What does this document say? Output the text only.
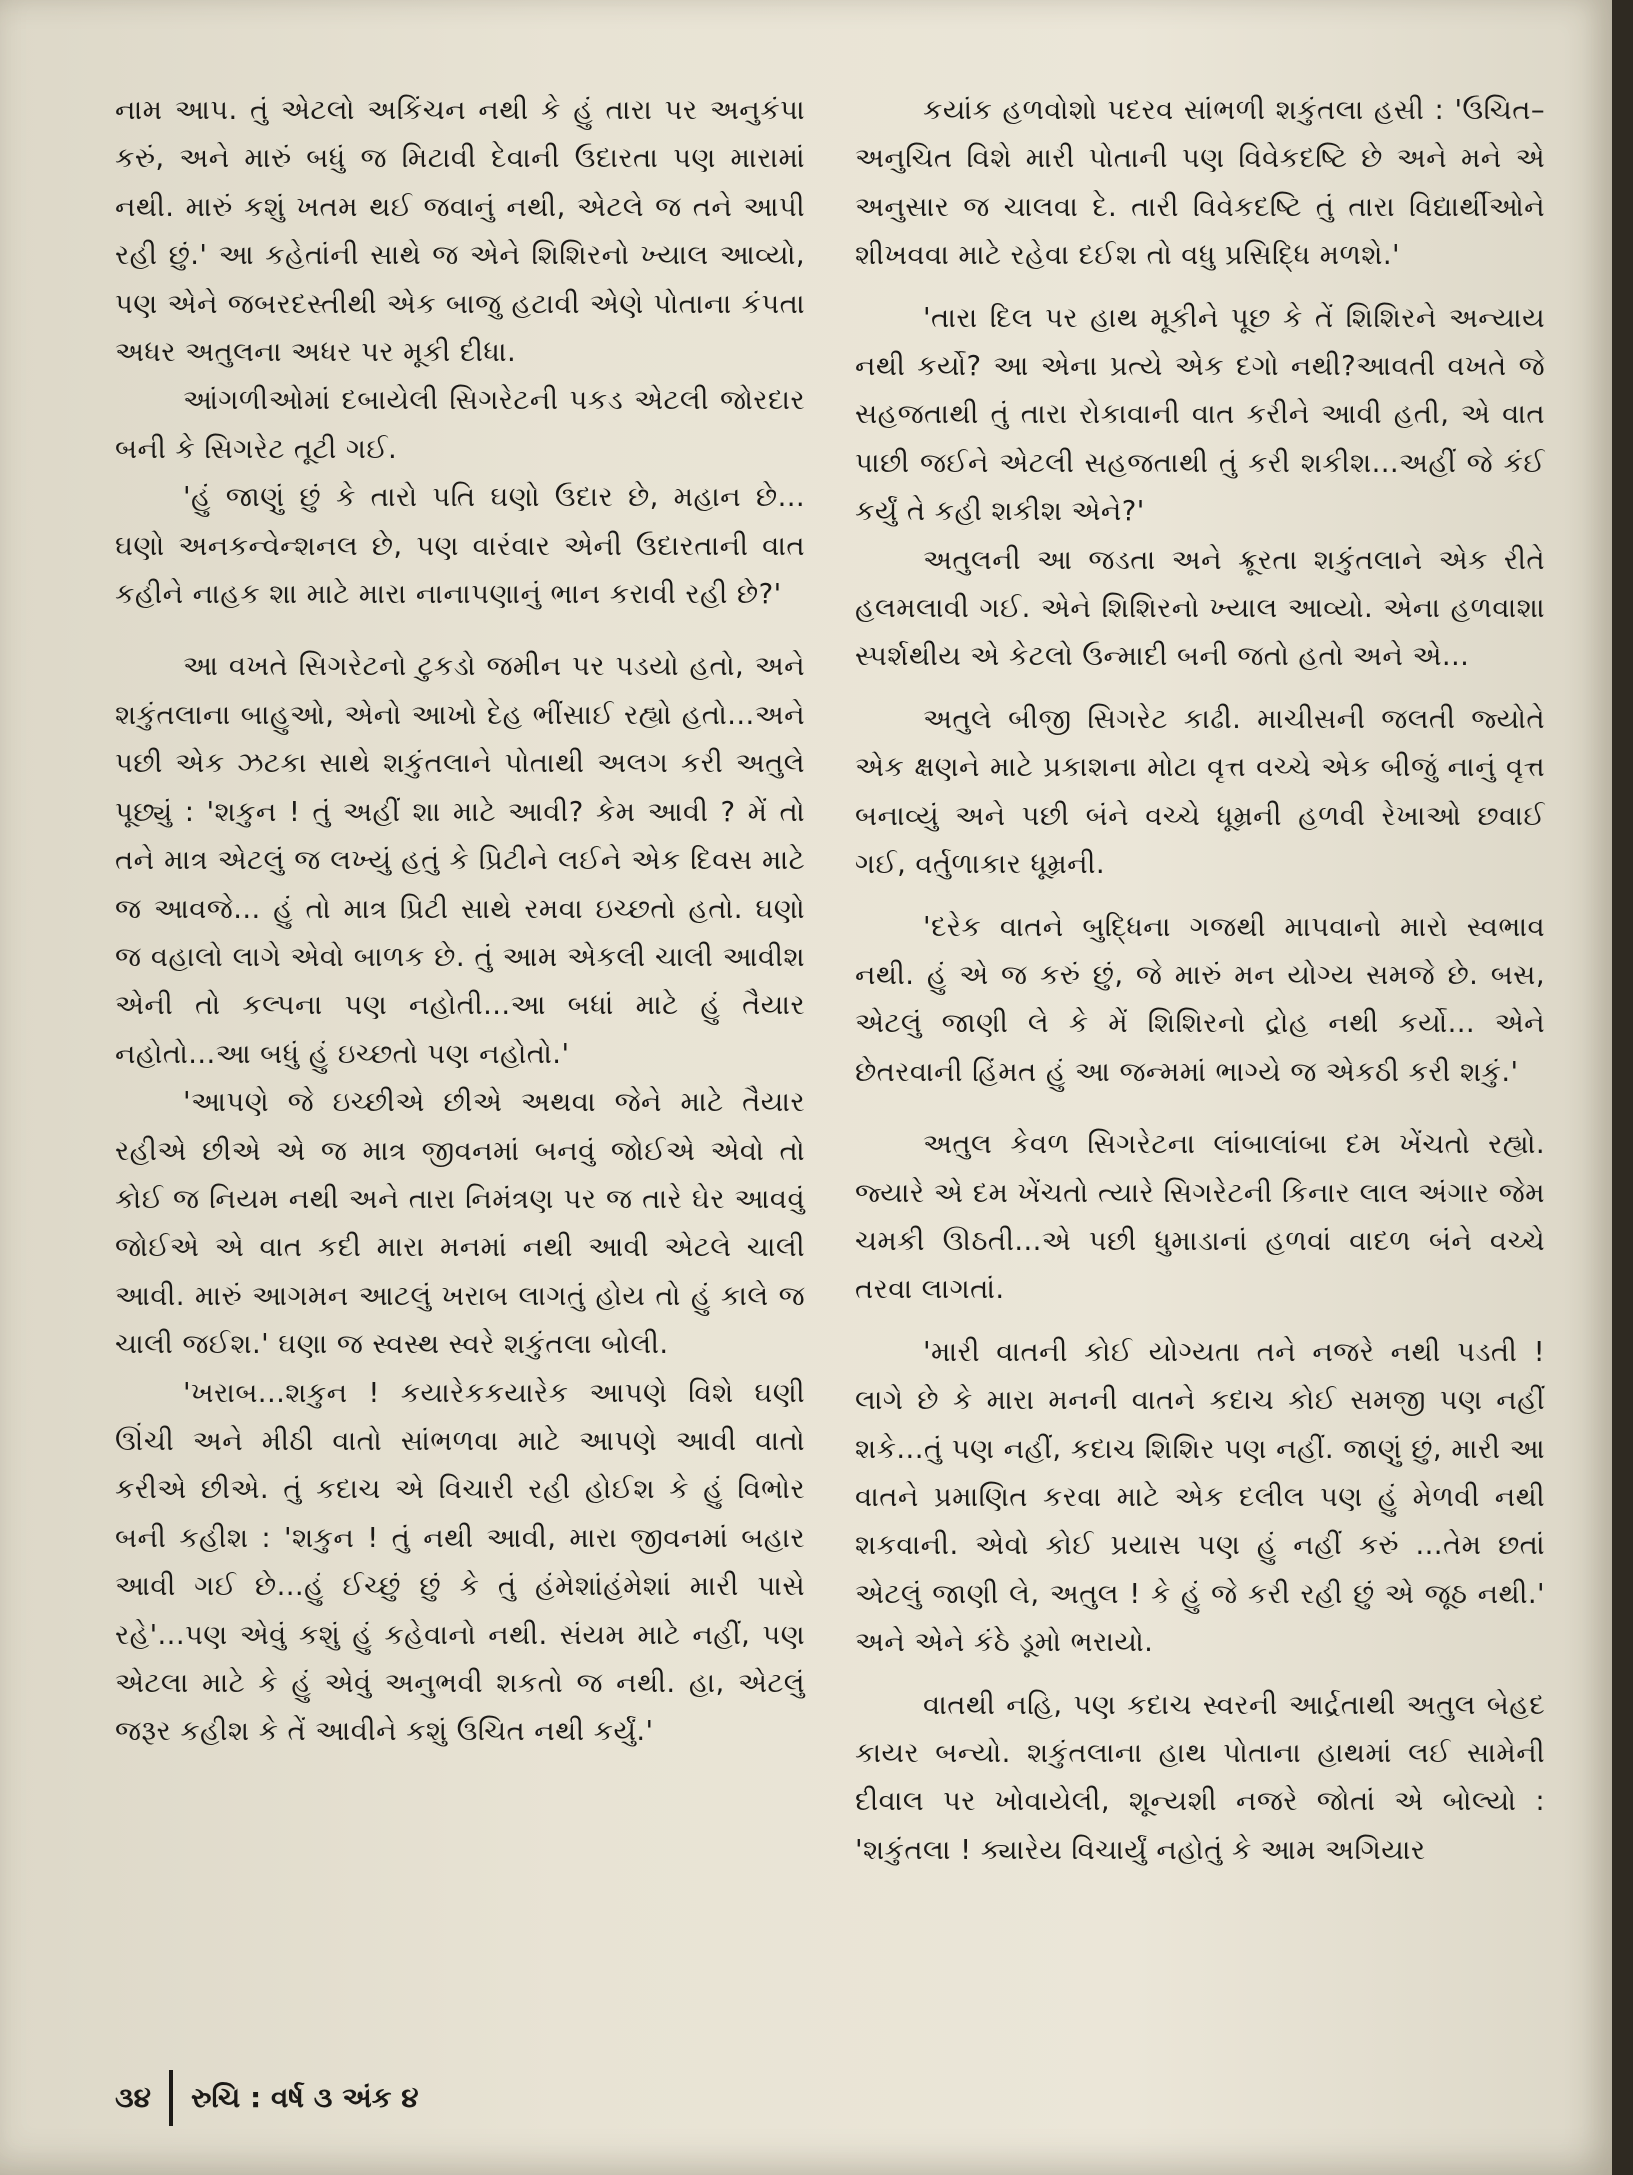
નામ આપ. તું એટલો અકિંચન નથી કે હું તારા પર અનુકંપા કરું, અને મારું બધું જ મિટાવી દેવાની ઉદારતા પણ મારામાં નથી. મારું કશું ખતમ થઈ જવાનું નથી, એટલે જ તને આપી રહી છું.' આ કહેતાંની સાથે જ એને શિશિરનો ખ્યાલ આવ્યો, પણ એને જબરદસ્તીથી એક બાજુ હટાવી એણે પોતાના કંપતા અધર અતુલના અધર પર મૂકી દીધા.

આંગળીઓમાં દબાયેલી સિગરેટની પકડ એટલી જોરદાર બની કે સિગરેટ તૂટી ગઈ.

'હું જાણું છું કે તારો પતિ ઘણો ઉદાર છે, મહાન છે... ઘણો અનકન્વેન્શનલ છે, પણ વારંવાર એની ઉદારતાની વાત કહીને નાહક શા માટે મારા નાનાપણાનું ભાન કરાવી રહી છે?'

આ વખતે સિગરેટનો ટુકડો જમીન પર પડયો હતો, અને શકુંતલાના બાહુઓ, એનો આખો દેહ ભીંસાઈ રહ્યો હતો...અને પછી એક ઝટકા સાથે શકુંતલાને પોતાથી અલગ કરી અતુલે પૂછ્યું : 'શકુન ! તું અહીં શા માટે આવી? કેમ આવી ? મેં તો તને માત્ર એટલું જ લખ્યું હતું કે પ્રિટીને લઈને એક દિવસ માટે જ આવજે... હું તો માત્ર પ્રિટી સાથે રમવા ઇચ્છતો હતો. ઘણો જ વહાલો લાગે એવો બાળક છે. તું આમ એકલી ચાલી આવીશ એની તો કલ્પના પણ નહોતી...આ બધાં માટે હું તૈયાર નહોતો...આ બધું હું ઇચ્છતો પણ નહોતો.'

'આપણે જે ઇચ્છીએ છીએ અથવા જેને માટે તૈયાર રહીએ છીએ એ જ માત્ર જીવનમાં બનવું જોઈએ એવો તો કોઈ જ નિયમ નથી અને તારા નિમંત્રણ પર જ તારે ઘેર આવવું જોઈએ એ વાત કદી મારા મનમાં નથી આવી એટલે ચાલી આવી. મારું આગમન આટલું ખરાબ લાગતું હોય તો હું કાલે જ ચાલી જઈશ.' ઘણા જ સ્વસ્થ સ્વરે શકુંતલા બોલી.

'ખરાબ...શકુન ! કયારેકકયારેક આપણે વિશે ઘણી ઊંચી અને મીઠી વાતો સાંભળવા માટે આપણે આવી વાતો કરીએ છીએ. તું કદાચ એ વિચારી રહી હોઈશ કે હું વિભોર બની કહીશ : 'શકુન ! તું નથી આવી, મારા જીવનમાં બહાર આવી ગઈ છે...હું ઈચ્છું છું કે તું હંમેશાંહંમેશાં મારી પાસે રહે'...પણ એવું કશું હું કહેવાનો નથી. સંયમ માટે નહીં, પણ એટલા માટે કે હું એવું અનુભવી શકતો જ નથી. હા, એટલું જરૂર કહીશ કે તેં આવીને કશું ઉચિત નથી કર્યું.'

કયાંક હળવોશો પદરવ સાંભળી શકુંતલા હસી : 'ઉચિત–અનુચિત વિશે મારી પોતાની પણ વિવેકદષ્ટિ છે અને મને એ અનુસાર જ ચાલવા દે. તારી વિવેકદષ્ટિ તું તારા વિદ્યાર્થીઓને શીખવવા માટે રહેવા દઈશ તો વધુ પ્રસિદ્ધિ મળશે.'

'તારા દિલ પર હાથ મૂકીને પૂછ કે તેં શિશિરને અન્યાય નથી કર્યો? આ એના પ્રત્યે એક દગો નથી?આવતી વખતે જે સહજતાથી તું તારા રોકાવાની વાત કરીને આવી હતી, એ વાત પાછી જઈને એટલી સહજતાથી તું કરી શકીશ...અહીં જે કંઈ કર્યું તે કહી શકીશ એને?'

અતુલની આ જડતા અને ક્રૂરતા શકુંતલાને એક રીતે હલમલાવી ગઈ. એને શિશિરનો ખ્યાલ આવ્યો. એના હળવાશા સ્પર્શથીય એ કેટલો ઉન્માદી બની જતો હતો અને એ...

અતુલે બીજી સિગરેટ કાઢી. માચીસની જલતી જ્યોતે એક ક્ષણને માટે પ્રકાશના મોટા વૃત્ત વચ્ચે એક બીજું નાનું વૃત્ત બનાવ્યું અને પછી બંને વચ્ચે ધૂમ્રની હળવી રેખાઓ છવાઈ ગઈ, વર્તુળાકાર ધૂમ્રની.

'દરેક વાતને બુદ્ધિના ગજથી માપવાનો મારો સ્વભાવ નથી. હું એ જ કરું છું, જે મારું મન યોગ્ય સમજે છે. બસ, એટલું જાણી લે કે મેં શિશિરનો દ્રોહ નથી કર્યો... એને છેતરવાની હિંમત હું આ જન્મમાં ભાગ્યે જ એકઠી કરી શકું.'

અતુલ કેવળ સિગરેટના લાંબાલાંબા દમ ખેંચતો રહ્યો. જ્યારે એ દમ ખેંચતો ત્યારે સિગરેટની કિનાર લાલ અંગાર જેમ ચમકી ઊઠતી...એ પછી ધુમાડાનાં હળવાં વાદળ બંને વચ્ચે તરવા લાગતાં.

'મારી વાતની કોઈ યોગ્યતા તને નજરે નથી પડતી ! લાગે છે કે મારા મનની વાતને કદાચ કોઈ સમજી પણ નહીં શકે...તું પણ નહીં, કદાચ શિશિર પણ નહીં. જાણું છું, મારી આ વાતને પ્રમાણિત કરવા માટે એક દલીલ પણ હું મેળવી નથી શકવાની. એવો કોઈ પ્રયાસ પણ હું નહીં કરું ...તેમ છતાં એટલું જાણી લે, અતુલ ! કે હું જે કરી રહી છું એ જૂઠ નથી.' અને એને કંઠે ડૂમો ભરાયો.

વાતથી નહિ, પણ કદાચ સ્વરની આર્દ્રતાથી અતુલ બેહદ કાયર બન્યો. શકુંતલાના હાથ પોતાના હાથમાં લઈ સામેની દીવાલ પર ખોવાયેલી, શૂન્યશી નજરે જોતાં એ બોલ્યો : 'શકુંતલા ! ક્યારેય વિચાર્યું નહોતું કે આમ અગિયાર

૩૪ રુચિ : વર્ષ ૩ અંક ૪
